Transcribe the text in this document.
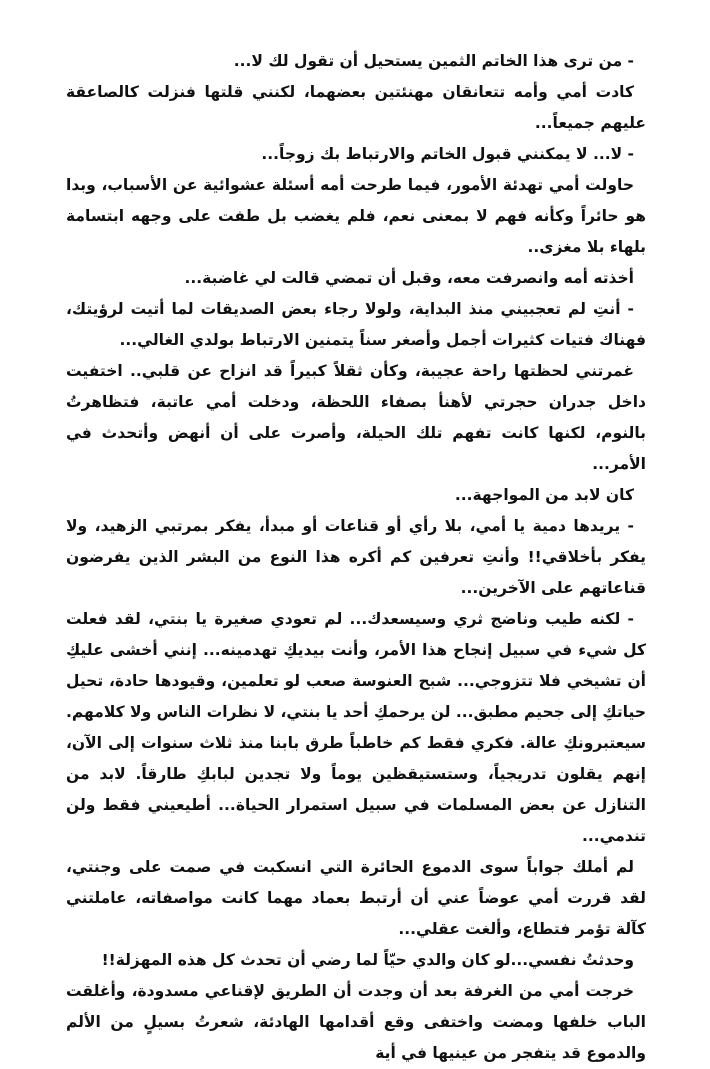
- من ترى هذا الخاتم الثمين يستحيل أن تقول لك لا...

كادت أمي وأمه تتعانقان مهنئتين بعضهما، لكنني قلتها فنزلت كالصاعقة عليهم جميعاً...

- لا... لا يمكنني قبول الخاتم والارتباط بك زوجاً...

حاولت أمي تهدئة الأمور، فيما طرحت أمه أسئلة عشوائية عن الأسباب، وبدا هو حائراً وكأنه فهم لا بمعنى نعم، فلم يغضب بل طفت على وجهه ابتسامة بلهاء بلا مغزى..

أخذته أمه وانصرفت معه، وقبل أن تمضي قالت لي غاضبة...

- أنتِ لم تعجبيني منذ البداية، ولولا رجاء بعض الصديقات لما أتيت لرؤيتك، فهناك فتيات كثيرات أجمل وأصغر سناً يتمنين الارتباط بولدي الغالي...

غمرتني لحظتها راحة عجيبة، وكأن ثقلاً كبيراً قد انزاح عن قلبي.. اختفيت داخل جدران حجرتي لأهنأ بصفاء اللحظة، ودخلت أمي عاتبة، فتظاهرتُ بالنوم، لكنها كانت تفهم تلك الحيلة، وأصرت على أن أنهض وأتحدث في الأمر...

كان لابد من المواجهة...

- يريدها دمية يا أمي، بلا رأي أو قناعات أو مبدأ، يفكر بمرتبي الزهيد، ولا يفكر بأخلاقي!! وأنتِ تعرفين كم أكره هذا النوع من البشر الذين يفرضون قناعاتهم على الآخرين...

- لكنه طيب وناضج ثري وسيسعدك... لم تعودي صغيرة يا بنتي، لقد فعلت كل شيء في سبيل إنجاح هذا الأمر، وأنت بيديكِ تهدمينه... إنني أخشى عليكِ أن تشيخي فلا تتزوجي... شبح العنوسة صعب لو تعلمين، وقيودها حادة، تحيل حياتكِ إلى جحيم مطبق... لن يرحمكِ أحد يا بنتي، لا نظرات الناس ولا كلامهم. سيعتبرونكِ عالة. فكري فقط كم خاطباً طرق بابنا منذ ثلاث سنوات إلى الآن، إنهم يقلون تدريجياً، وستستيقظين يوماً ولا تجدين لبابكِ طارقاً. لابد من التنازل عن بعض المسلمات في سبيل استمرار الحياة... أطيعيني فقط ولن تندمي...

لم أملك جواباً سوى الدموع الحائرة التي انسكبت في صمت على وجنتي، لقد قررت أمي عوضاً عني أن أرتبط بعماد مهما كانت مواصفاته، عاملتني كآلة تؤمر فتطاع، وألغت عقلي...

وحدثتُ نفسي...لو كان والدي حيّاً لما رضي أن تحدث كل هذه المهزلة!!

خرجت أمي من الغرفة بعد أن وجدت أن الطريق لإقناعي مسدودة، وأغلقت الباب خلفها ومضت واختفى وقع أقدامها الهادئة، شعرتُ بسيلٍ من الألم والدموع قد يتفجر من عينيها في أية
